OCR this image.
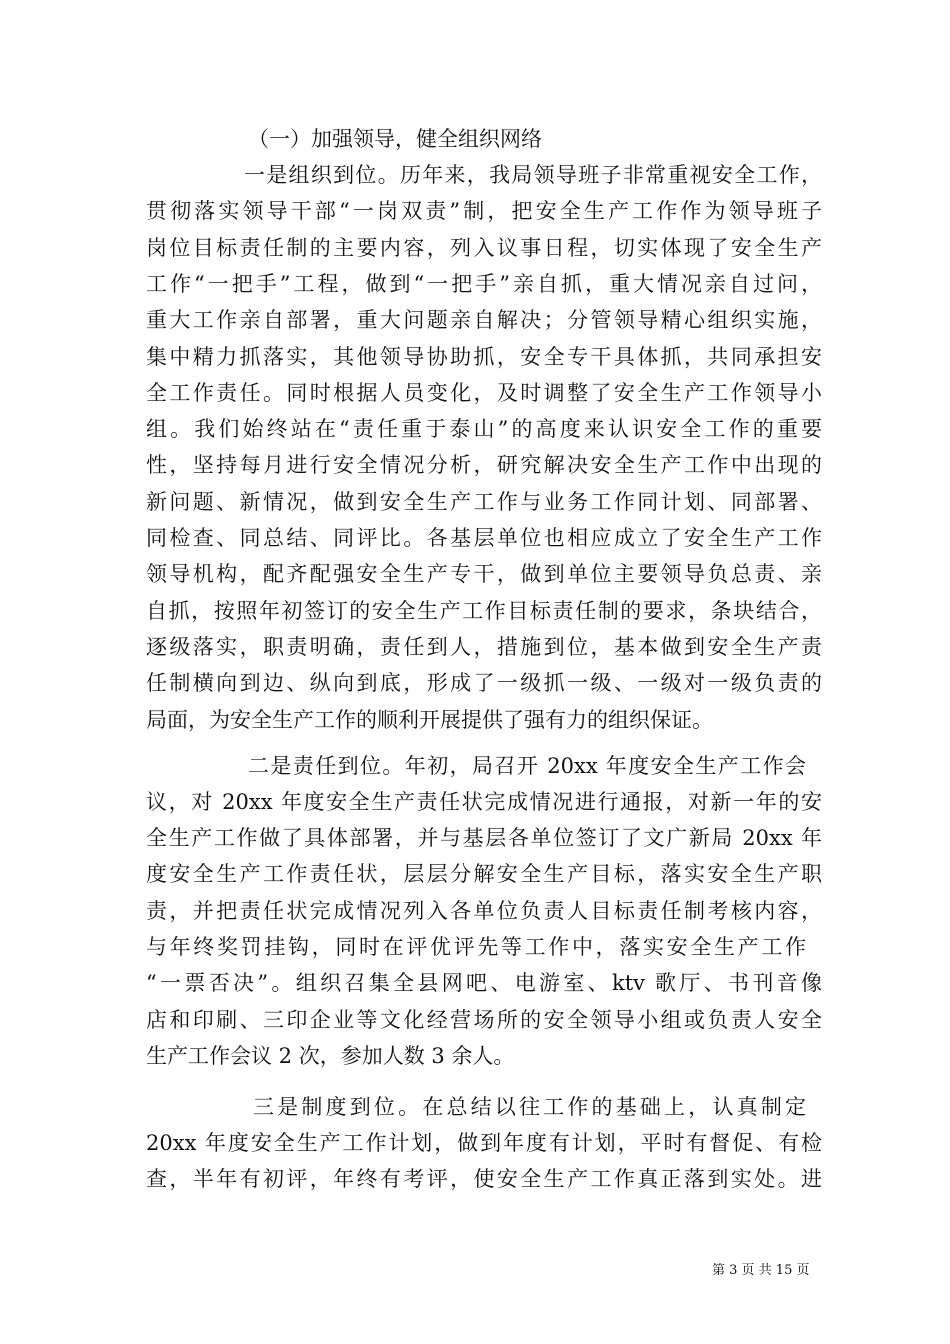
（一）加强领导，健全组织网络
一是组织到位。历年来，我局领导班子非常重视安全工作，
贯彻落实领导干部“一岗双责”制，把安全生产工作作为领导班子
岗位目标责任制的主要内容，列入议事日程，切实体现了安全生产
工作“一把手”工程，做到“一把手”亲自抓，重大情况亲自过问，
重大工作亲自部署，重大问题亲自解决；分管领导精心组织实施，
集中精力抓落实，其他领导协助抓，安全专干具体抓，共同承担安
全工作责任。同时根据人员变化，及时调整了安全生产工作领导小
组。我们始终站在“责任重于泰山”的高度来认识安全工作的重要
性，坚持每月进行安全情况分析，研究解决安全生产工作中出现的
新问题、新情况，做到安全生产工作与业务工作同计划、同部署、
同检查、同总结、同评比。各基层单位也相应成立了安全生产工作
领导机构，配齐配强安全生产专干，做到单位主要领导负总责、亲
自抓，按照年初签订的安全生产工作目标责任制的要求，条块结合，
逐级落实，职责明确，责任到人，措施到位，基本做到安全生产责
任制横向到边、纵向到底，形成了一级抓一级、一级对一级负责的
局面，为安全生产工作的顺利开展提供了强有力的组织保证。
二是责任到位。年初，局召开 20xx 年度安全生产工作会
议，对 20xx 年度安全生产责任状完成情况进行通报，对新一年的安
全生产工作做了具体部署，并与基层各单位签订了文广新局 20xx 年
度安全生产工作责任状，层层分解安全生产目标，落实安全生产职
责，并把责任状完成情况列入各单位负责人目标责任制考核内容，
与年终奖罚挂钩，同时在评优评先等工作中，落实安全生产工作
“一票否决”。组织召集全县网吧、电游室、ktv 歌厅、书刊音像
店和印刷、三印企业等文化经营场所的安全领导小组或负责人安全
生产工作会议 2 次，参加人数 3 余人。
三是制度到位。在总结以往工作的基础上，认真制定
20xx 年度安全生产工作计划，做到年度有计划，平时有督促、有检
查，半年有初评，年终有考评，使安全生产工作真正落到实处。进
第 3 页 共 15 页
